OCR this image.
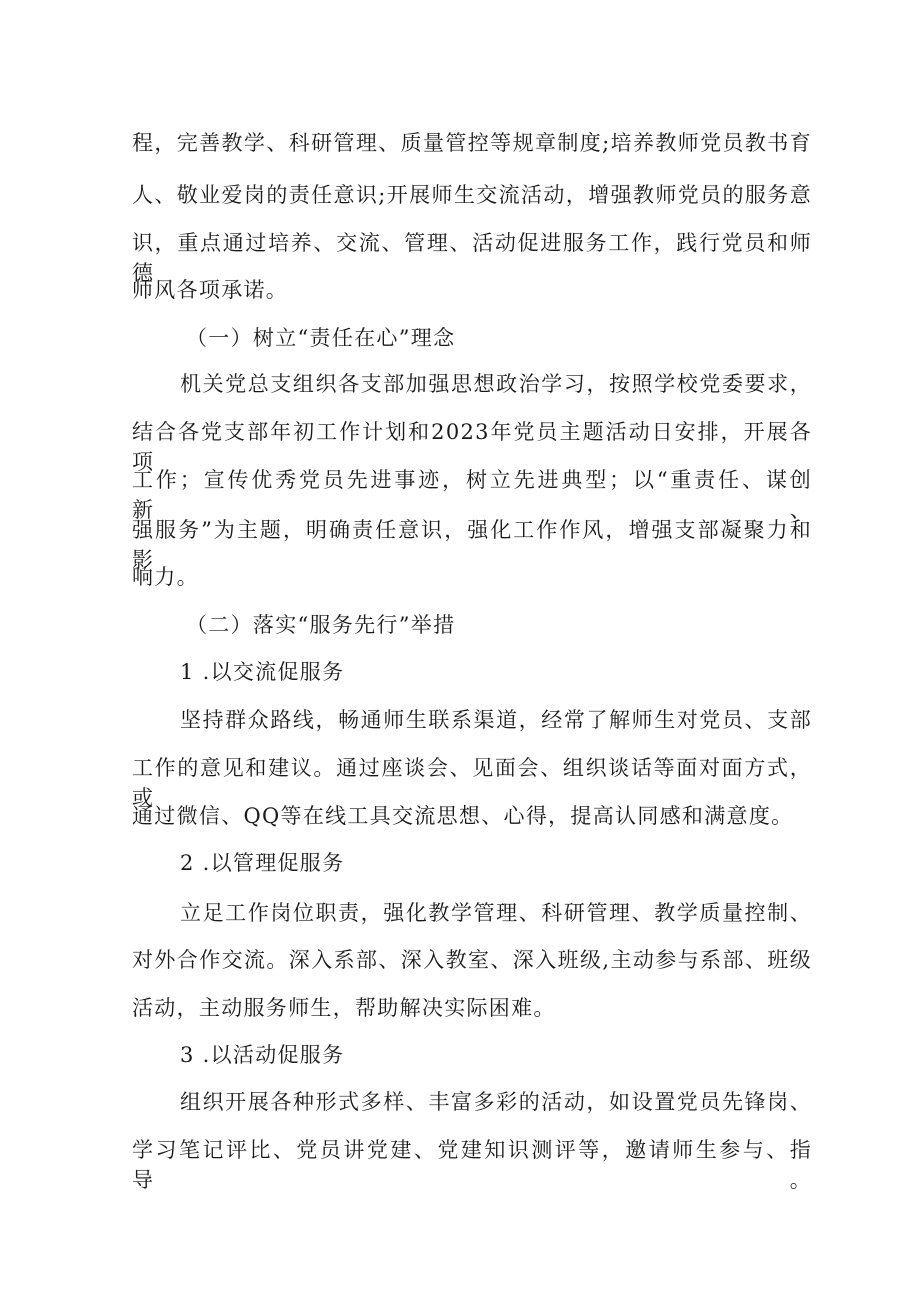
程，完善教学、科研管理、质量管控等规章制度;培养教师党员教书育
人、敬业爱岗的责任意识;开展师生交流活动，增强教师党员的服务意
识，重点通过培养、交流、管理、活动促进服务工作，践行党员和师德
师风各项承诺。
（一）树立“责任在心”理念
机关党总支组织各支部加强思想政治学习，按照学校党委要求，
结合各党支部年初工作计划和2023年党员主题活动日安排，开展各项
工作；宣传优秀党员先进事迹，树立先进典型；以“重责任、谋创新、
强服务”为主题，明确责任意识，强化工作作风，增强支部凝聚力和影
响力。
（二）落实“服务先行”举措
1 .以交流促服务
坚持群众路线，畅通师生联系渠道，经常了解师生对党员、支部
工作的意见和建议。通过座谈会、见面会、组织谈话等面对面方式，或
通过微信、QQ等在线工具交流思想、心得，提高认同感和满意度。
2 .以管理促服务
立足工作岗位职责，强化教学管理、科研管理、教学质量控制、
对外合作交流。深入系部、深入教室、深入班级,主动参与系部、班级
活动，主动服务师生，帮助解决实际困难。
3 .以活动促服务
组织开展各种形式多样、丰富多彩的活动，如设置党员先锋岗、
学习笔记评比、党员讲党建、党建知识测评等，邀请师生参与、指导。
